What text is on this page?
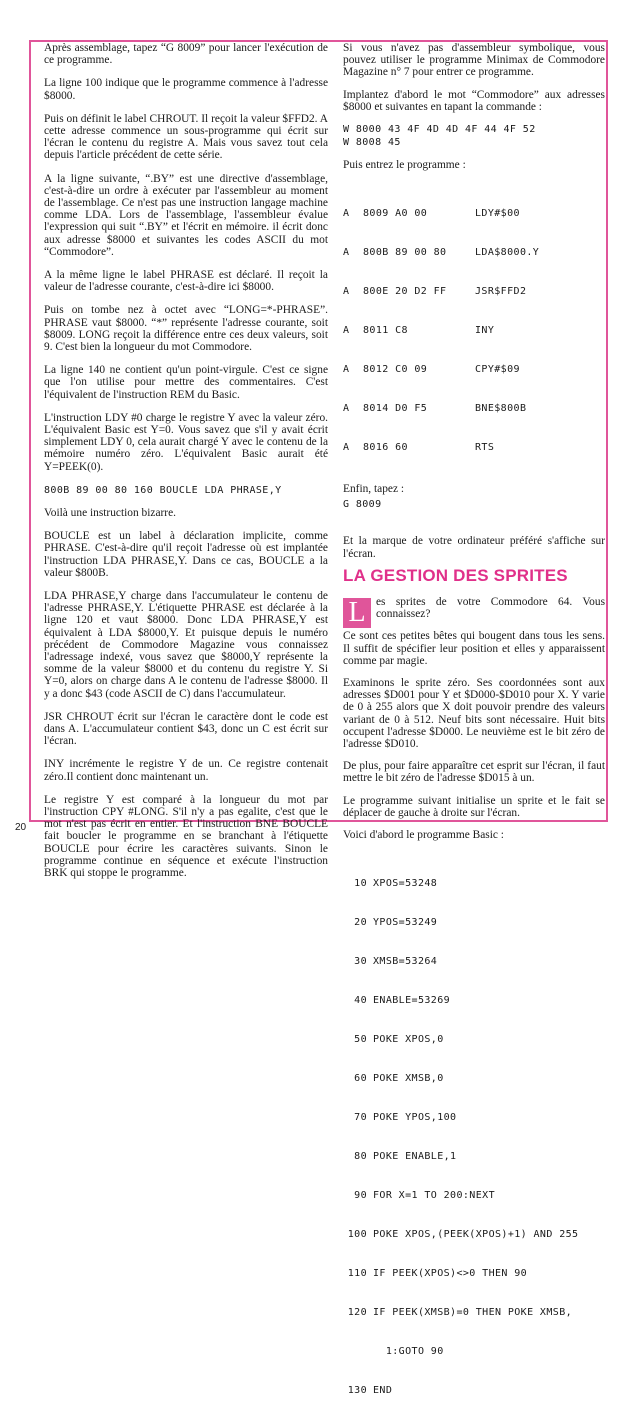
Après assemblage, tapez “G 8009” pour lancer l'exécution de ce programme.

La ligne 100 indique que le programme commence à l'adresse $8000.

Puis on définit le label CHROUT. Il reçoit la valeur $FFD2. A cette adresse commence un sous-programme qui écrit sur l'écran le contenu du registre A. Mais vous savez tout cela depuis l'article précédent de cette série.

A la ligne suivante, “.BY” est une directive d'assemblage, c'est-à-dire un ordre à exécuter par l'assembleur au moment de l'assemblage. Ce n'est pas une instruction langage machine comme LDA. Lors de l'assemblage, l'assembleur évalue l'expression qui suit “.BY” et l'écrit en mémoire. il écrit donc aux adresse $8000 et suivantes les codes ASCII du mot “Commodore”.

A la même ligne le label PHRASE est déclaré. Il reçoit la valeur de l'adresse courante, c'est-à-dire ici $8000.

Puis on tombe nez à octet avec “LONG=*-PHRASE”. PHRASE vaut $8000. “*” représente l'adresse courante, soit $8009. LONG reçoit la différence entre ces deux valeurs, soit 9. C'est bien la longueur du mot Commodore.

La ligne 140 ne contient qu'un point-virgule. C'est ce signe que l'on utilise pour mettre des commentaires. C'est l'équivalent de l'instruction REM du Basic.

L'instruction LDY #0 charge le registre Y avec la valeur zéro. L'équivalent Basic est Y=0. Vous savez que s'il y avait écrit simplement LDY 0, cela aurait chargé Y avec le contenu de la mémoire numéro zéro. L'équivalent Basic aurait été Y=PEEK(0).

800B 89 00 80 160 BOUCLE LDA PHRASE,Y

Voilà une instruction bizarre.

BOUCLE est un label à déclaration implicite, comme PHRASE. C'est-à-dire qu'il reçoit l'adresse où est implantée l'instruction LDA PHRASE,Y. Dans ce cas, BOUCLE a la valeur $800B.

LDA PHRASE,Y charge dans l'accumulateur le contenu de l'adresse PHRASE,Y. L'étiquette PHRASE est déclarée à la ligne 120 et vaut $8000. Donc LDA PHRASE,Y est équivalent à LDA $8000,Y. Et puisque depuis le numéro précédent de Commodore Magazine vous connaissez l'adressage indexé, vous savez que $8000,Y représente la somme de la valeur $8000 et du contenu du registre Y. Si Y=0, alors on charge dans A le contenu de l'adresse $8000. Il y a donc $43 (code ASCII de C) dans l'accumulateur.

JSR CHROUT écrit sur l'écran le caractère dont le code est dans A. L'accumulateur contient $43, donc un C est écrit sur l'écran.

INY incrémente le registre Y de un. Ce registre contenait zéro.Il contient donc maintenant un.

Le registre Y est comparé à la longueur du mot par l'instruction CPY #LONG. S'il n'y a pas egalite, c'est que le mot n'est pas écrit en entier. Et l'instruction BNE BOUCLE fait boucler le programme en se branchant à l'étiquette BOUCLE pour écrire les caractères suivants. Sinon le programme continue en séquence et exécute l'instruction BRK qui stoppe le programme.

Si vous n'avez pas d'assembleur symbolique, vous pouvez utiliser le programme Minimax de Commodore Magazine n° 7 pour entrer ce programme.

Implantez d'abord le mot “Commodore” aux adresses $8000 et suivantes en tapant la commande :

W 8000 43 4F 4D 4D 4F 44 4F 52
W 8008 45

Puis entrez le programme :

A	8009 A0 00	LDY#$00

A	800B 89 00 80	LDA$8000.Y

A	800E 20 D2 FF	JSR$FFD2

A	8011 C8	INY

A	8012 C0 09	CPY#$09

A	8014 D0 F5	BNE$800B

A	8016 60	RTS

Enfin, tapez :

G 8009

Et la marque de votre ordinateur préféré s'affiche sur l'écran.

LA GESTION DES SPRITES

L es sprites de votre Commodore 64. Vous connaissez?

Ce sont ces petites bêtes qui bougent dans tous les sens. Il suffit de spécifier leur position et elles y apparaissent comme par magie.

Examinons le sprite zéro. Ses coordonnées sont aux adresses $D001 pour Y et $D000-$D010 pour X. Y varie de 0 à 255 alors que X doit pouvoir prendre des valeurs variant de 0 à 512. Neuf bits sont nécessaire. Huit bits occupent l'adresse $D000. Le neuvième est le bit zéro de l'adresse $D010.

De plus, pour faire apparaître cet esprit sur l'écran, il faut mettre le bit zéro de l'adresse $D015 à un.

Le programme suivant initialise un sprite et le fait se déplacer de gauche à droite sur l'écran.

Voici d'abord le programme Basic :

10 XPOS=53248

20 YPOS=53249

30 XMSB=53264

40 ENABLE=53269

50 POKE XPOS,0

60 POKE XMSB,0

70 POKE YPOS,100

80 POKE ENABLE,1

90 FOR X=1 TO 200:NEXT

100 POKE XPOS,(PEEK(XPOS)+1) AND 255

110 IF PEEK(XPOS)<>0 THEN 90

120 IF PEEK(XMSB)=0 THEN POKE XMSB,

1:GOTO 90

130 END

20
